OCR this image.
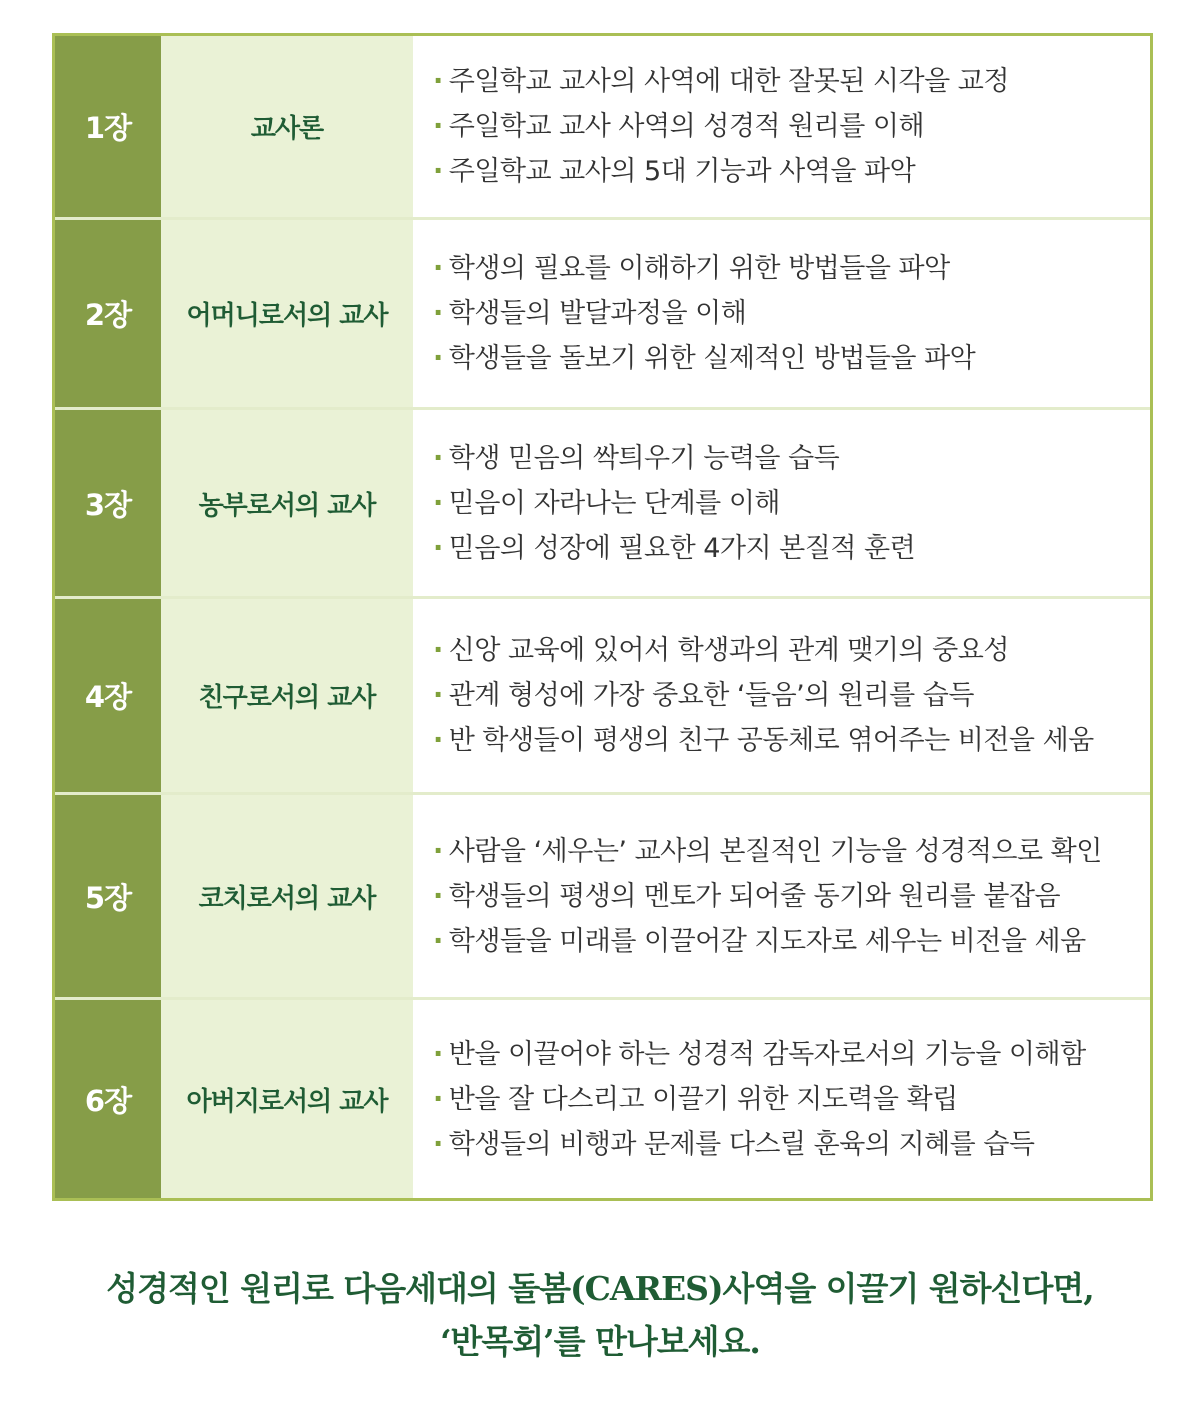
1장	교사론
· 주일학교 교사의 사역에 대한 잘못된 시각을 교정
· 주일학교 교사 사역의 성경적 원리를 이해
· 주일학교 교사의 5대 기능과 사역을 파악
2장	어머니로서의 교사
· 학생의 필요를 이해하기 위한 방법들을 파악
· 학생들의 발달과정을 이해
· 학생들을 돌보기 위한 실제적인 방법들을 파악
3장	농부로서의 교사
· 학생 믿음의 싹틔우기 능력을 습득
· 믿음이 자라나는 단계를 이해
· 믿음의 성장에 필요한 4가지 본질적 훈련
4장	친구로서의 교사
· 신앙 교육에 있어서 학생과의 관계 맺기의 중요성
· 관계 형성에 가장 중요한 ‘들음’의 원리를 습득
· 반 학생들이 평생의 친구 공동체로 엮어주는 비전을 세움
5장	코치로서의 교사
· 사람을 ‘세우는’ 교사의 본질적인 기능을 성경적으로 확인
· 학생들의 평생의 멘토가 되어줄 동기와 원리를 붙잡음
· 학생들을 미래를 이끌어갈 지도자로 세우는 비전을 세움
6장	아버지로서의 교사
· 반을 이끌어야 하는 성경적 감독자로서의 기능을 이해함
· 반을 잘 다스리고 이끌기 위한 지도력을 확립
· 학생들의 비행과 문제를 다스릴 훈육의 지혜를 습득
성경적인 원리로 다음세대의 돌봄(CARES)사역을 이끌기 원하신다면,
‘반목회’를 만나보세요.
